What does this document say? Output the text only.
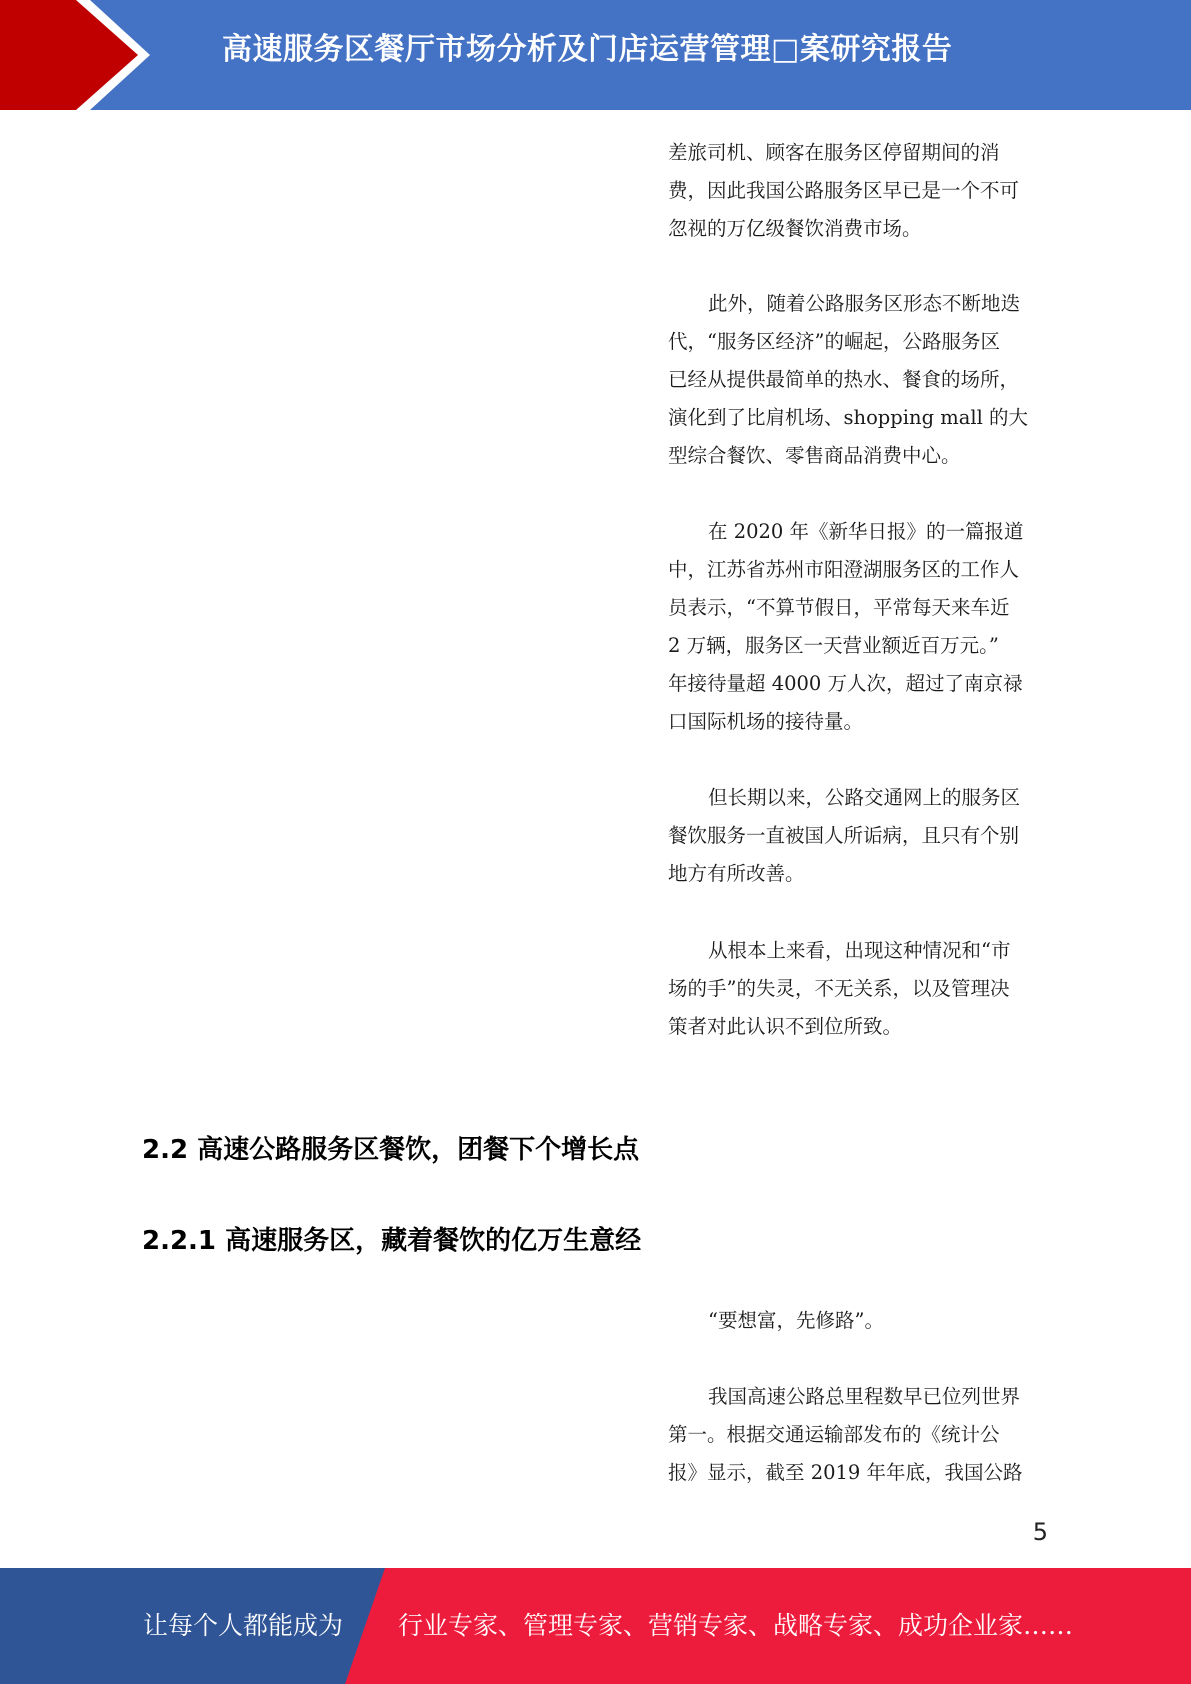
高速服务区餐厅市场分析及门店运营管理□案研究报告

差旅司机、顾客在服务区停留期间的消

费，因此我国公路服务区早已是一个不可

忽视的万亿级餐饮消费市场。

此外，随着公路服务区形态不断地迭

代，“服务区经济”的崛起，公路服务区

已经从提供最简单的热水、餐食的场所，

演化到了比肩机场、shopping mall 的大

型综合餐饮、零售商品消费中心。

在 2020 年《新华日报》的一篇报道

中，江苏省苏州市阳澄湖服务区的工作人

员表示，“不算节假日，平常每天来车近

2 万辆，服务区一天营业额近百万元。”

年接待量超 4000 万人次，超过了南京禄

口国际机场的接待量。

但长期以来，公路交通网上的服务区

餐饮服务一直被国人所诟病，且只有个别

地方有所改善。

从根本上来看，出现这种情况和“市

场的手”的失灵，不无关系，以及管理决

策者对此认识不到位所致。

2.2 高速公路服务区餐饮，团餐下个增长点
2.2.1 高速服务区，藏着餐饮的亿万生意经

“要想富，先修路”。

我国高速公路总里程数早已位列世界

第一。根据交通运输部发布的《统计公

报》显示，截至 2019 年年底，我国公路

5
让每个人都能成为 行业专家、管理专家、营销专家、战略专家、成功企业家……
